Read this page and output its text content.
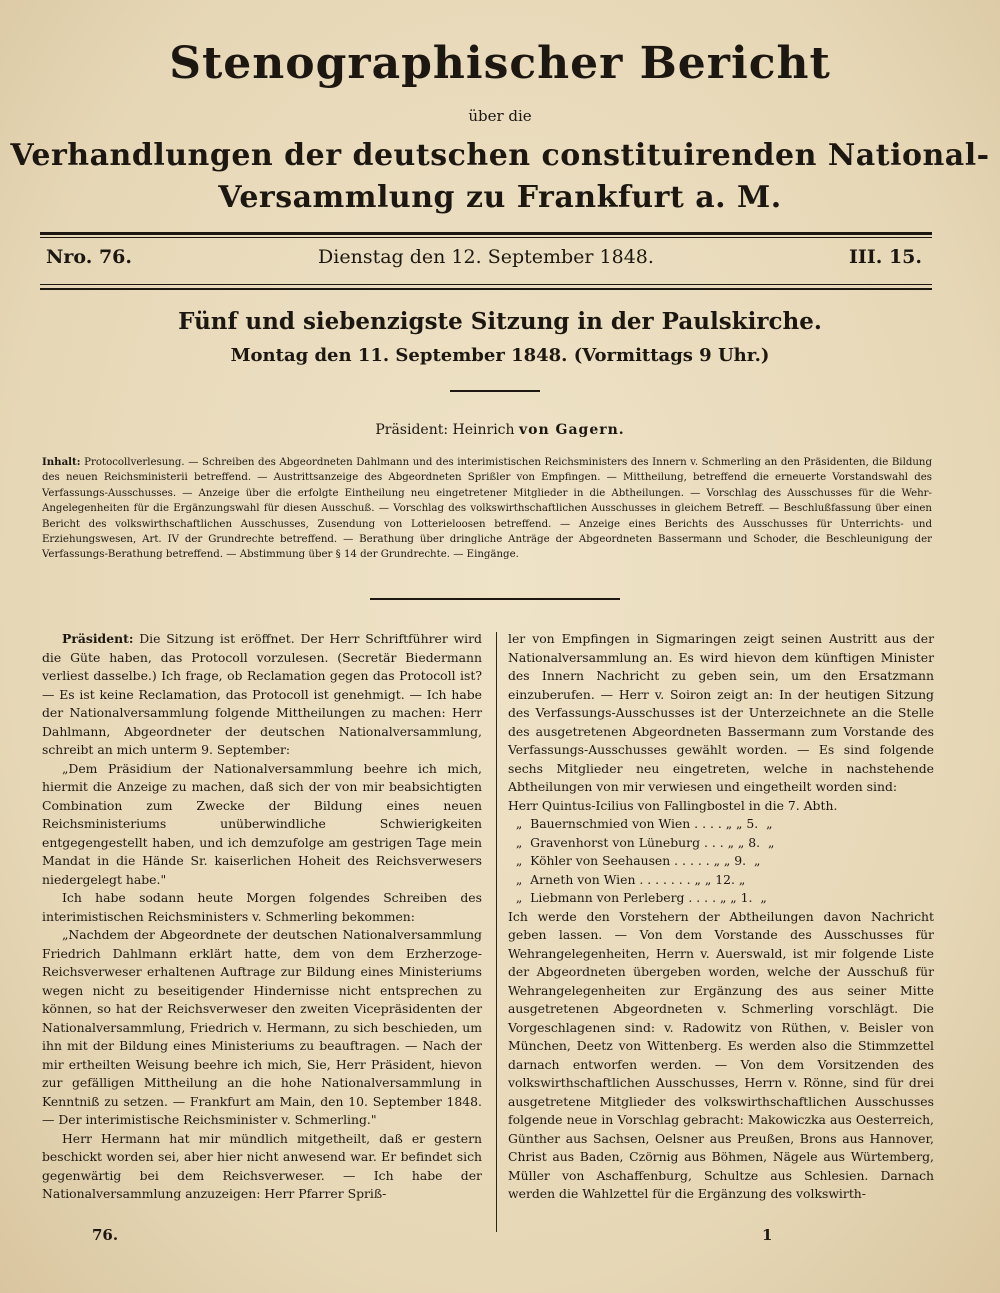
Stenographischer Bericht
über die
Verhandlungen der deutschen constituirenden National-
Versammlung zu Frankfurt a. M.
Nro. 76.	Dienstag den 12. September 1848.	III. 15.
Fünf und siebenzigste Sitzung in der Paulskirche.
Montag den 11. September 1848. (Vormittags 9 Uhr.)
Präsident: Heinrich von Gagern.
Inhalt: Protocollverlesung. — Schreiben des Abgeordneten Dahlmann und des interimistischen Reichsministers des Innern v. Schmerling an den Präsidenten, die Bildung des neuen Reichsministerii betreffend. — Austrittsanzeige des Abgeordneten Sprißler von Empfingen. — Mittheilung, betreffend die erneuerte Vorstandswahl des Verfassungs-Ausschusses. — Anzeige über die erfolgte Eintheilung neu eingetretener Mitglieder in die Abtheilungen. — Vorschlag des Ausschusses für die Wehr-Angelegenheiten für die Ergänzungswahl für diesen Ausschuß. — Vorschlag des volkswirthschaftlichen Ausschusses in gleichem Betreff. — Beschlußfassung über einen Bericht des volkswirthschaftlichen Ausschusses, Zusendung von Lotterieloosen betreffend. — Anzeige eines Berichts des Ausschusses für Unterrichts- und Erziehungswesen, Art. IV der Grundrechte betreffend. — Berathung über dringliche Anträge der Abgeordneten Bassermann und Schoder, die Beschleunigung der Verfassungs-Berathung betreffend. — Abstimmung über § 14 der Grundrechte. — Eingänge.

Präsident: Die Sitzung ist eröffnet. Der Herr Schriftführer wird die Güte haben, das Protocoll vorzulesen. (Secretär Biedermann verliest dasselbe.) Ich frage, ob Reclamation gegen das Protocoll ist? — Es ist keine Reclamation, das Protocoll ist genehmigt. — Ich habe der Nationalversammlung folgende Mittheilungen zu machen: Herr Dahlmann, Abgeordneter der deutschen Nationalversammlung, schreibt an mich unterm 9. September:

„Dem Präsidium der Nationalversammlung beehre ich mich, hiermit die Anzeige zu machen, daß sich der von mir beabsichtigten Combination zum Zwecke der Bildung eines neuen Reichsministeriums unüberwindliche Schwierigkeiten entgegengestellt haben, und ich demzufolge am gestrigen Tage mein Mandat in die Hände Sr. kaiserlichen Hoheit des Reichsverwesers niedergelegt habe."

Ich habe sodann heute Morgen folgendes Schreiben des interimistischen Reichsministers v. Schmerling bekommen:

„Nachdem der Abgeordnete der deutschen Nationalversammlung Friedrich Dahlmann erklärt hatte, dem von dem Erzherzoge-Reichsverweser erhaltenen Auftrage zur Bildung eines Ministeriums wegen nicht zu beseitigender Hindernisse nicht entsprechen zu können, so hat der Reichsverweser den zweiten Vicepräsidenten der Nationalversammlung, Friedrich v. Hermann, zu sich beschieden, um ihn mit der Bildung eines Ministeriums zu beauftragen. — Nach der mir ertheilten Weisung beehre ich mich, Sie, Herr Präsident, hievon zur gefälligen Mittheilung an die hohe Nationalversammlung in Kenntniß zu setzen. — Frankfurt am Main, den 10. September 1848. — Der interimistische Reichsminister v. Schmerling."

Herr Hermann hat mir mündlich mitgetheilt, daß er gestern beschickt worden sei, aber hier nicht anwesend war. Er befindet sich gegenwärtig bei dem Reichsverweser. — Ich habe der Nationalversammlung anzuzeigen: Herr Pfarrer Spriß-

ler von Empfingen in Sigmaringen zeigt seinen Austritt aus der Nationalversammlung an. Es wird hievon dem künftigen Minister des Innern Nachricht zu geben sein, um den Ersatzmann einzuberufen. — Herr v. Soiron zeigt an: In der heutigen Sitzung des Verfassungs-Ausschusses ist der Unterzeichnete an die Stelle des ausgetretenen Abgeordneten Bassermann zum Vorstande des Verfassungs-Ausschusses gewählt worden. — Es sind folgende sechs Mitglieder neu eingetreten, welche in nachstehende Abtheilungen von mir verwiesen und eingetheilt worden sind:

Herr Quintus-Icilius von Fallingbostel in die 7. Abth.
„  Bauernschmied von Wien . . . . „ „ 5.  „
„  Gravenhorst von Lüneburg . . . „ „ 8.  „
„  Köhler von Seehausen . . . . . „ „ 9.  „
„  Arneth von Wien . . . . . . . „ „ 12. „
„  Liebmann von Perleberg . . . . „ „ 1.  „

Ich werde den Vorstehern der Abtheilungen davon Nachricht geben lassen. — Von dem Vorstande des Ausschusses für Wehrangelegenheiten, Herrn v. Auerswald, ist mir folgende Liste der Abgeordneten übergeben worden, welche der Ausschuß für Wehrangelegenheiten zur Ergänzung des aus seiner Mitte ausgetretenen Abgeordneten v. Schmerling vorschlägt. Die Vorgeschlagenen sind: v. Radowitz von Rüthen, v. Beisler von München, Deetz von Wittenberg. Es werden also die Stimmzettel darnach entworfen werden. — Von dem Vorsitzenden des volkswirthschaftlichen Ausschusses, Herrn v. Rönne, sind für drei ausgetretene Mitglieder des volkswirthschaftlichen Ausschusses folgende neue in Vorschlag gebracht: Makowiczka aus Oesterreich, Günther aus Sachsen, Oelsner aus Preußen, Brons aus Hannover, Christ aus Baden, Czörnig aus Böhmen, Nägele aus Würtemberg, Müller von Aschaffenburg, Schultze aus Schlesien. Darnach werden die Wahlzettel für die Ergänzung des volkswirth-

76.	1
